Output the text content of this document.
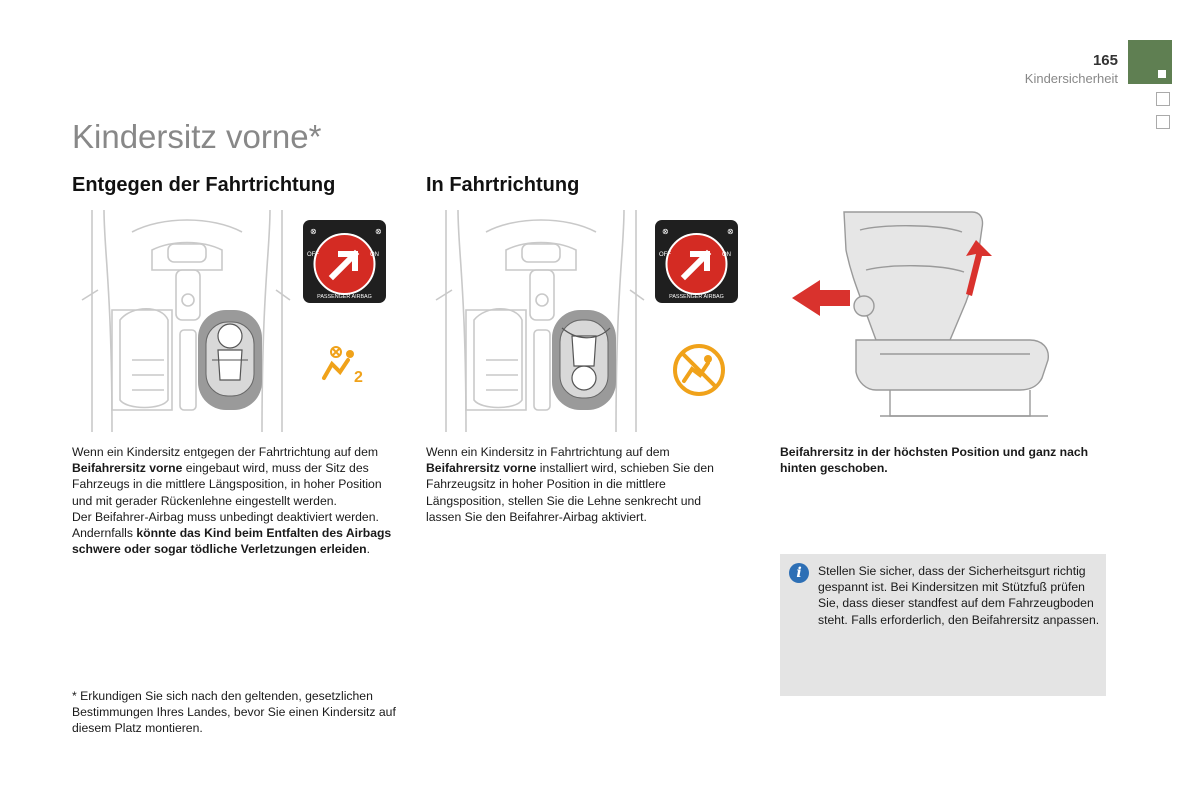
165
Kindersicherheit
Kindersitz vorne*
Entgegen der Fahrtrichtung	In Fahrtrichtung
⊗	⊗
OFF	ON
PASSENGER AIRBAG
2
⊗	⊗
OFF	ON
PASSENGER AIRBAG
Wenn ein Kindersitz entgegen der Fahrtrichtung auf dem Beifahrersitz vorne eingebaut wird, muss der Sitz des Fahrzeugs in die mittlere Längsposition, in hoher Position und mit gerader Rückenlehne eingestellt werden.
Der Beifahrer-Airbag muss unbedingt deaktiviert werden. Andernfalls könnte das Kind beim Entfalten des Airbags schwere oder sogar tödliche Verletzungen erleiden.
Wenn ein Kindersitz in Fahrtrichtung auf dem Beifahrersitz vorne installiert wird, schieben Sie den Fahrzeugsitz in hoher Position in die mittlere Längsposition, stellen Sie die Lehne senkrecht und lassen Sie den Beifahrer-Airbag aktiviert.
Beifahrersitz in der höchsten Position und ganz nach hinten geschoben.
i	Stellen Sie sicher, dass der Sicherheitsgurt richtig gespannt ist. Bei Kindersitzen mit Stützfuß prüfen Sie, dass dieser standfest auf dem Fahrzeugboden steht. Falls erforderlich, den Beifahrersitz anpassen.
* Erkundigen Sie sich nach den geltenden, gesetzlichen Bestimmungen Ihres Landes, bevor Sie einen Kindersitz auf diesem Platz montieren.
